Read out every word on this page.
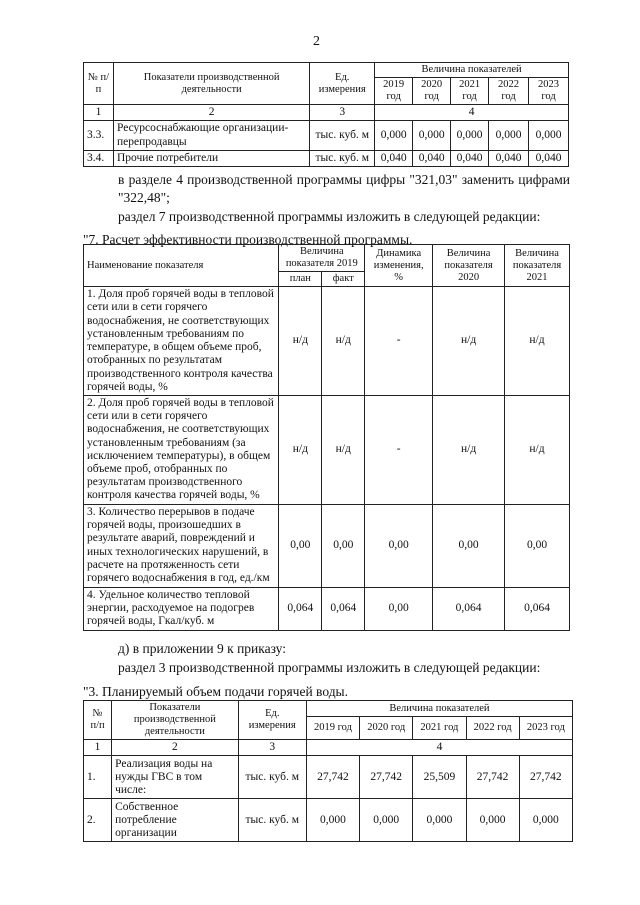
2
№ п/п	Показатели производственной деятельности	Ед. измерения	Величина показателей				
			2019 год	2020 год	2021 год	2022 год	2023 год
1	2	3	4				
3.3.	Ресурсоснабжающие организации-перепродавцы	тыс. куб. м	0,000	0,000	0,000	0,000	0,000
3.4.	Прочие потребители	тыс. куб. м	0,040	0,040	0,040	0,040	0,040
в разделе 4 производственной программы цифры "321,03" заменить цифрами "322,48";
раздел 7 производственной программы изложить в следующей редакции:
"7. Расчет эффективности производственной программы.
Наименование показателя	Величина показателя 2019		Динамика изменения, %	Величина показателя 2020	Величина показателя 2021
	план	факт			
1. Доля проб горячей воды в тепловой сети или в сети горячего водоснабжения, не соответствующих установленным требованиям по температуре, в общем объеме проб, отобранных по результатам производственного контроля качества горячей воды, %	н/д	н/д	-	н/д	н/д
2. Доля проб горячей воды в тепловой сети или в сети горячего водоснабжения, не соответствующих установленным требованиям (за исключением температуры), в общем объеме проб, отобранных по результатам производственного контроля качества горячей воды, %	н/д	н/д	-	н/д	н/д
3. Количество перерывов в подаче горячей воды, произошедших в результате аварий, повреждений и иных технологических нарушений, в расчете на протяженность сети горячего водоснабжения в год, ед./км	0,00	0,00	0,00	0,00	0,00
4. Удельное количество тепловой энергии, расходуемое на подогрев горячей воды, Гкал/куб. м	0,064	0,064	0,00	0,064	0,064
д) в приложении 9 к приказу:
раздел 3 производственной программы изложить в следующей редакции:
"3. Планируемый объем подачи горячей воды.
№ п/п	Показатели производственной деятельности	Ед. измерения	Величина показателей				
			2019 год	2020 год	2021 год	2022 год	2023 год
1	2	3	4				
1.	Реализация воды на нужды ГВС в том числе:	тыс. куб. м	27,742	27,742	25,509	27,742	27,742
2.	Собственное потребление организации	тыс. куб. м	0,000	0,000	0,000	0,000	0,000
